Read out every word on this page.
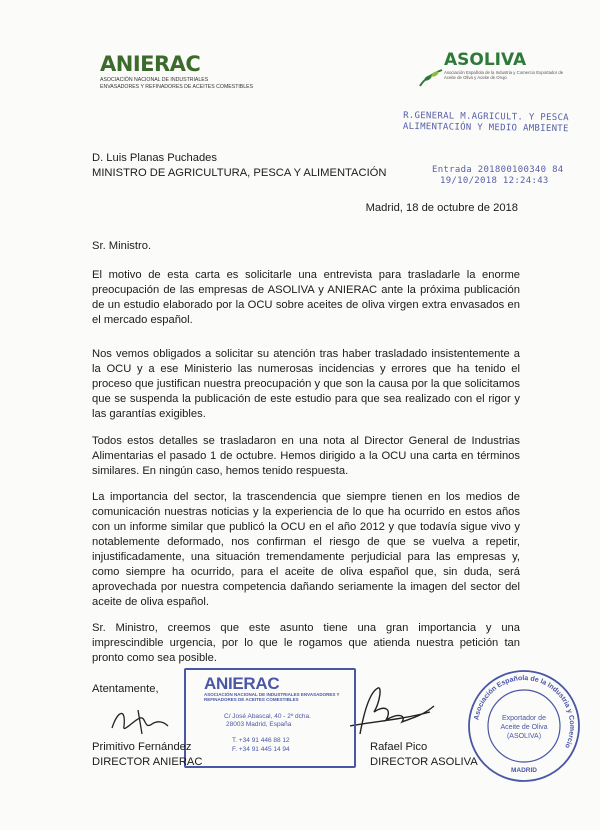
ANIERAC
ASOCIACIÓN NACIONAL DE INDUSTRIALES
ENVASADORES Y REFINADORES DE ACEITES COMESTIBLES
ASOLIVA
Asociación Española de la Industria y Comercio Exportador de Aceite de Oliva y Aceite de Orujo
R.GENERAL M.AGRICULT. Y PESCA
ALIMENTACIÓN Y MEDIO AMBIENTE
Entrada 201800100340 84
19/10/2018 12:24:43
D. Luis Planas Puchades
MINISTRO DE AGRICULTURA, PESCA Y ALIMENTACIÓN
Madrid, 18 de octubre de 2018
Sr. Ministro.
El motivo de esta carta es solicitarle una entrevista para trasladarle la enorme preocupación de las empresas de ASOLIVA y ANIERAC ante la próxima publicación de un estudio elaborado por la OCU sobre aceites de oliva virgen extra envasados en el mercado español.
Nos vemos obligados a solicitar su atención tras haber trasladado insistentemente a la OCU y a ese Ministerio las numerosas incidencias y errores que ha tenido el proceso que justifican nuestra preocupación y que son la causa por la que solicitamos que se suspenda la publicación de este estudio para que sea realizado con el rigor y las garantías exigibles.
Todos estos detalles se trasladaron en una nota al Director General de Industrias Alimentarias el pasado 1 de octubre. Hemos dirigido a la OCU una carta en términos similares. En ningún caso, hemos tenido respuesta.
La importancia del sector, la trascendencia que siempre tienen en los medios de comunicación nuestras noticias y la experiencia de lo que ha ocurrido en estos años con un informe similar que publicó la OCU en el año 2012 y que todavía sigue vivo y notablemente deformado, nos confirman el riesgo de que se vuelva a repetir, injustificadamente, una situación tremendamente perjudicial para las empresas y, como siempre ha ocurrido, para el aceite de oliva español que, sin duda, será aprovechada por nuestra competencia dañando seriamente la imagen del sector del aceite de oliva español.
Sr. Ministro, creemos que este asunto tiene una gran importancia y una imprescindible urgencia, por lo que le rogamos que atienda nuestra petición tan pronto como sea posible.
Atentamente,	ANIERAC
ASOCIACIÓN NACIONAL DE INDUSTRIALES ENVASADORES Y REFINADORES DE ACEITES COMESTIBLES
C/ José Abascal, 40 - 2º dcha.
28003 Madrid, España
T. +34 91 446 88 12
F. +34 91 445 14 94
Asociación Española de la Industria y Comercio
MADRID
Exportador de
Aceite de Oliva
(ASOLIVA)
Primitivo Fernández
DIRECTOR ANIERAC
Rafael Pico
DIRECTOR ASOLIVA
